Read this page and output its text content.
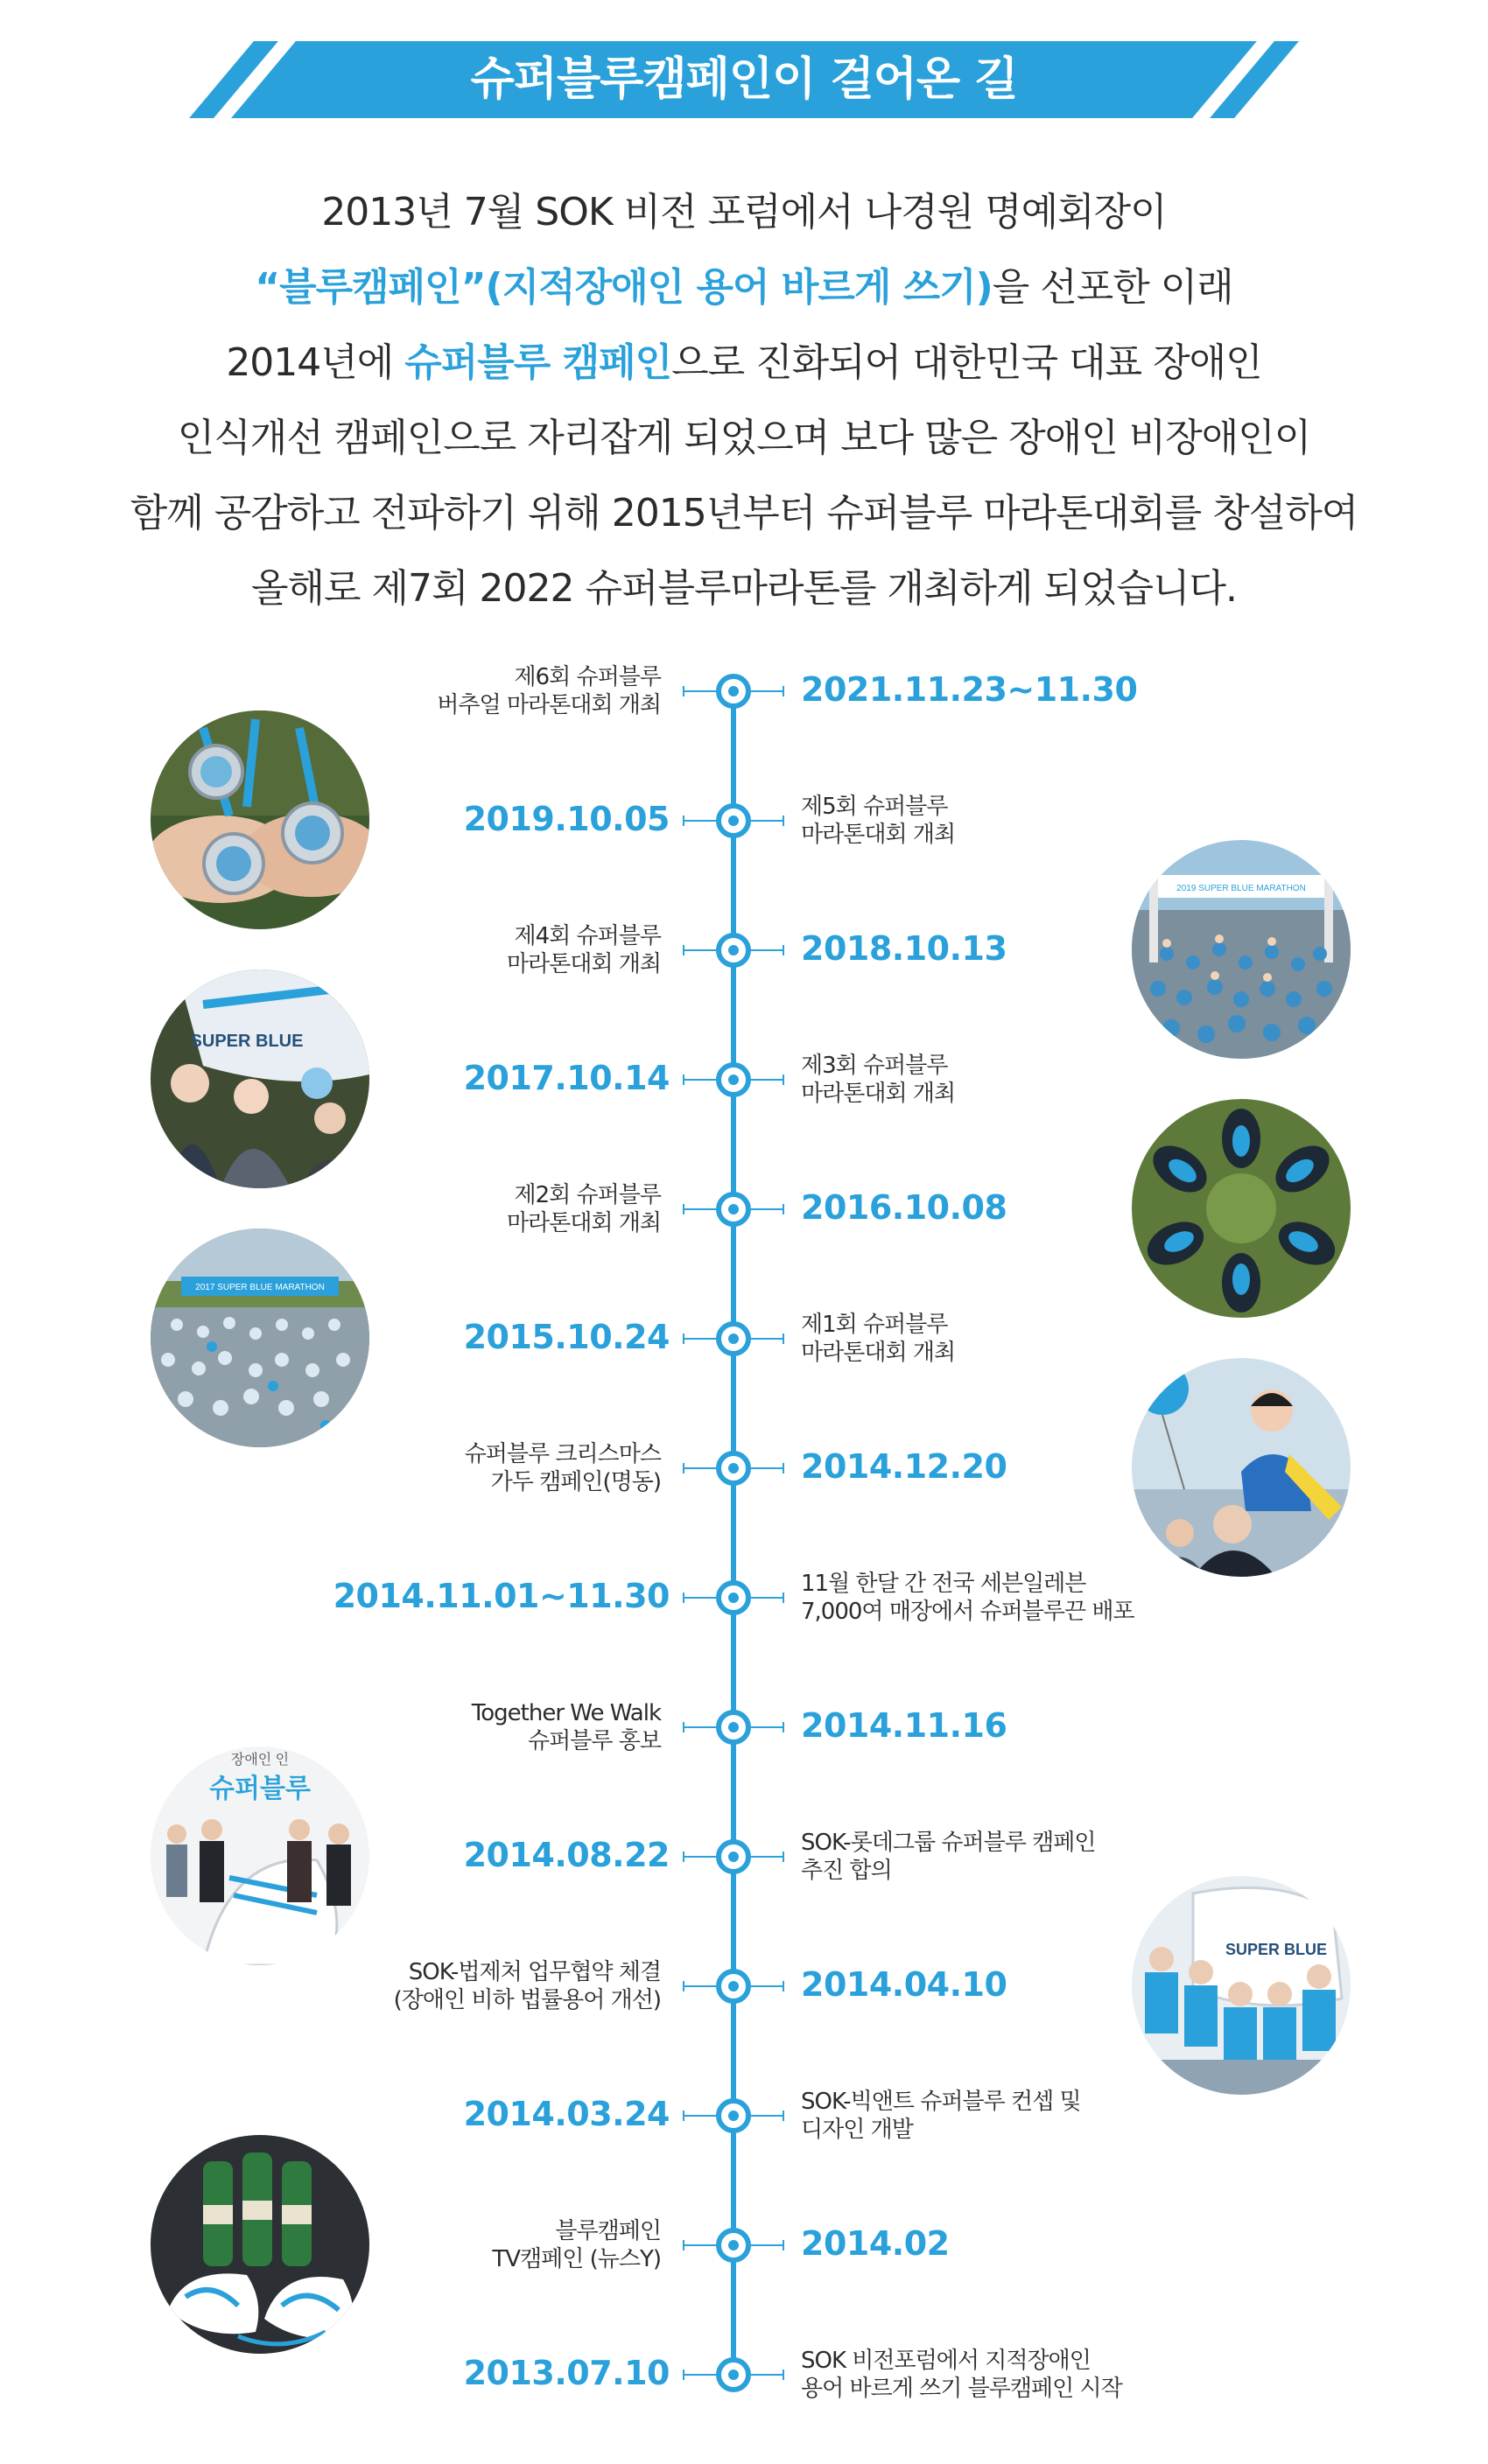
슈퍼블루캠페인이 걸어온 길
2013년 7월 SOK 비전 포럼에서 나경원 명예회장이
“블루캠페인”(지적장애인 용어 바르게 쓰기)을 선포한 이래
2014년에 슈퍼블루 캠페인으로 진화되어 대한민국 대표 장애인
인식개선 캠페인으로 자리잡게 되었으며 보다 많은 장애인 비장애인이
함께 공감하고 전파하기 위해 2015년부터 슈퍼블루 마라톤대회를 창설하여
올해로 제7회 2022 슈퍼블루마라톤를 개최하게 되었습니다.
제6회 슈퍼블루
버추얼 마라톤대회 개최	2021.11.23~11.30
2019.10.05	제5회 슈퍼블루
마라톤대회 개최
제4회 슈퍼블루
마라톤대회 개최	2018.10.13
2017.10.14	제3회 슈퍼블루
마라톤대회 개최
제2회 슈퍼블루
마라톤대회 개최	2016.10.08
2015.10.24	제1회 슈퍼블루
마라톤대회 개최
슈퍼블루 크리스마스
가두 캠페인(명동)	2014.12.20
2014.11.01~11.30	11월 한달 간 전국 세븐일레븐
7,000여 매장에서 슈퍼블루끈 배포
Together We Walk
슈퍼블루 홍보	2014.11.16
2014.08.22	SOK-롯데그룹 슈퍼블루 캠페인
추진 합의
SOK-법제처 업무협약 체결
(장애인 비하 법률용어 개선)	2014.04.10
2014.03.24	SOK-빅앤트 슈퍼블루 컨셉 및
디자인 개발
블루캠페인
TV캠페인 (뉴스Y)	2014.02
2013.07.10	SOK 비전포럼에서 지적장애인
용어 바르게 쓰기 블루캠페인 시작
2019 SUPER BLUE MARATHON
SUPER BLUE
2017 SUPER BLUE MARATHON
장애인 인
슈퍼블루
SUPER BLUE
